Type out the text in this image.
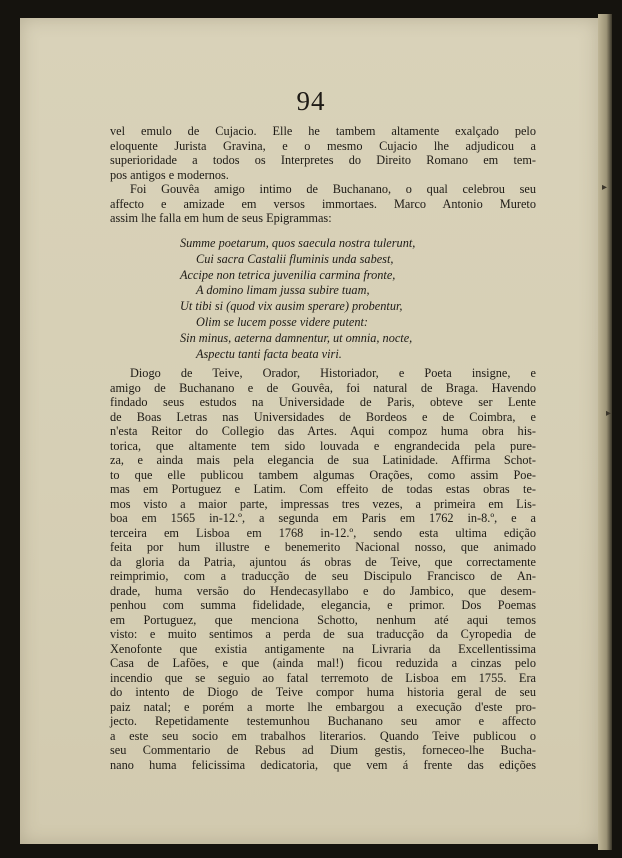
94
vel emulo de Cujacio. Elle he tambem altamente exalçado pelo
eloquente Jurista Gravina, e o mesmo Cujacio lhe adjudicou a
superioridade a todos os Interpretes do Direito Romano em tem-
pos antigos e modernos.
Foi Gouvêa amigo intimo de Buchanano, o qual celebrou seu
affecto e amizade em versos immortaes. Marco Antonio Mureto
assim lhe falla em hum de seus Epigrammas:
Summe poetarum, quos saecula nostra tulerunt,
Cui sacra Castalii fluminis unda sabest,
Accipe non tetrica juvenilia carmina fronte,
A domino limam jussa subire tuam,
Ut tibi si (quod vix ausim sperare) probentur,
Olim se lucem posse videre putent:
Sin minus, aeterna damnentur, ut omnia, nocte,
Aspectu tanti facta beata viri.
Diogo de Teive, Orador, Historiador, e Poeta insigne, e
amigo de Buchanano e de Gouvêa, foi natural de Braga. Havendo
findado seus estudos na Universidade de Paris, obteve ser Lente
de Boas Letras nas Universidades de Bordeos e de Coimbra, e
n'esta Reitor do Collegio das Artes. Aqui compoz huma obra his-
torica, que altamente tem sido louvada e engrandecida pela pure-
za, e ainda mais pela elegancia de sua Latinidade. Affirma Schot-
to que elle publicou tambem algumas Orações, como assim Poe-
mas em Portuguez e Latim. Com effeito de todas estas obras te-
mos visto a maior parte, impressas tres vezes, a primeira em Lis-
boa em 1565 in-12.º, a segunda em Paris em 1762 in-8.º, e a
terceira em Lisboa em 1768 in-12.º, sendo esta ultima edição
feita por hum illustre e benemerito Nacional nosso, que animado
da gloria da Patria, ajuntou ás obras de Teive, que correctamente
reimprimio, com a traducção de seu Discipulo Francisco de An-
drade, huma versão do Hendecasyllabo e do Jambico, que desem-
penhou com summa fidelidade, elegancia, e primor. Dos Poemas
em Portuguez, que menciona Schotto, nenhum até aqui temos
visto: e muito sentimos a perda de sua traducção da Cyropedia de
Xenofonte que existia antigamente na Livraria da Excellentissima
Casa de Lafões, e que (ainda mal!) ficou reduzida a cinzas pelo
incendio que se seguio ao fatal terremoto de Lisboa em 1755. Era
do intento de Diogo de Teive compor huma historia geral de seu
paiz natal; e porém a morte lhe embargou a execução d'este pro-
jecto. Repetidamente testemunhou Buchanano seu amor e affecto
a este seu socio em trabalhos literarios. Quando Teive publicou o
seu Commentario de Rebus ad Dium gestis, forneceo-lhe Bucha-
nano huma felicissima dedicatoria, que vem á frente das edições
▸
▸
